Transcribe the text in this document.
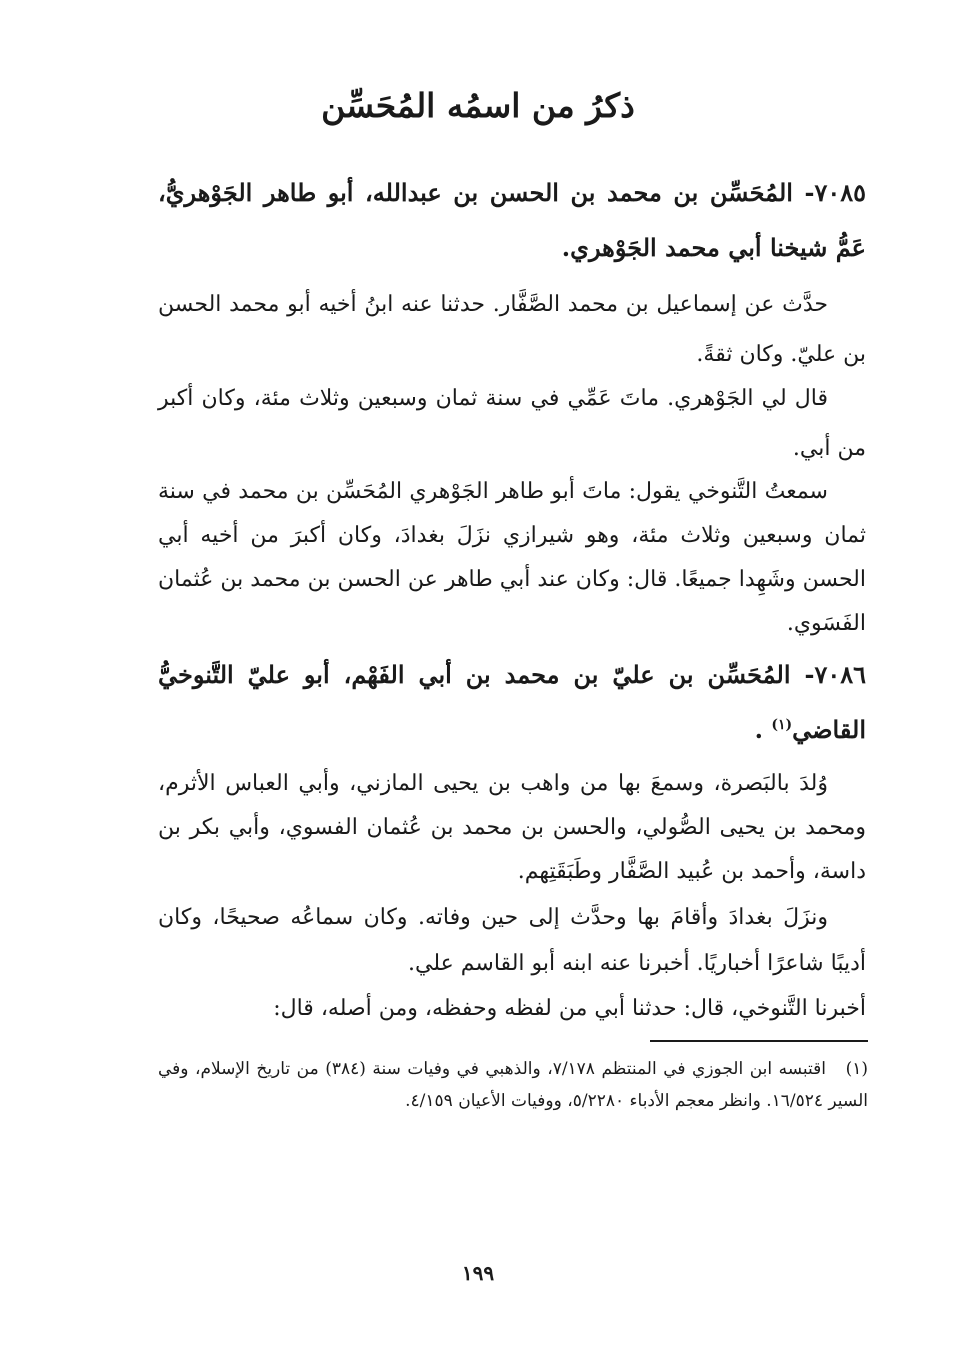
ذكرُ من اسمُه المُحَسِّن
٧٠٨٥- المُحَسِّن بن محمد بن الحسن بن عبدالله، أبو طاهر الجَوْهريُّ، عَمُّ شيخنا أبي محمد الجَوْهري.
حدَّث عن إسماعيل بن محمد الصَّفَّار. حدثنا عنه ابنُ أخيه أبو محمد الحسن بن عليّ. وكان ثقةً.
قال لي الجَوْهري. ماتَ عَمِّي في سنة ثمان وسبعين وثلاث مئة، وكان أكبر من أبي.
سمعتُ التَّنوخي يقول: ماتَ أبو طاهر الجَوْهري المُحَسِّن بن محمد في سنة ثمان وسبعين وثلاث مئة، وهو شيرازي نزَلَ بغدادَ، وكان أكبرَ من أخيه أبي الحسن وشَهِدا جميعًا. قال: وكان عند أبي طاهر عن الحسن بن محمد بن عُثمان الفَسَوي.
٧٠٨٦- المُحَسِّن بن عليّ بن محمد بن أبي الفَهْم، أبو عليّ التَّنوخيُّ القاضي$^{(١)}$ .
وُلدَ بالبَصرة، وسمعَ بها من واهب بن يحيى المازني، وأبي العباس الأثرم، ومحمد بن يحيى الصُّولي، والحسن بن محمد بن عُثمان الفسوي، وأبي بكر بن داسة، وأحمد بن عُبيد الصَّفَّار وطَبَقَتِهم.
ونزَلَ بغدادَ وأقامَ بها وحدَّث إلى حين وفاته. وكان سماعُه صحيحًا، وكان أديبًا شاعرًا أخباريًا. أخبرنا عنه ابنه أبو القاسم علي.
أخبرنا التَّنوخي، قال: حدثنا أبي من لفظه وحفظه، ومن أصله، قال:
(١)اقتبسه ابن الجوزي في المنتظم ٧/١٧٨، والذهبي في وفيات سنة (٣٨٤) من تاريخ الإسلام، وفي السير ١٦/٥٢٤. وانظر معجم الأدباء ٥/٢٢٨٠، ووفيات الأعيان ٤/١٥٩.
١٩٩
